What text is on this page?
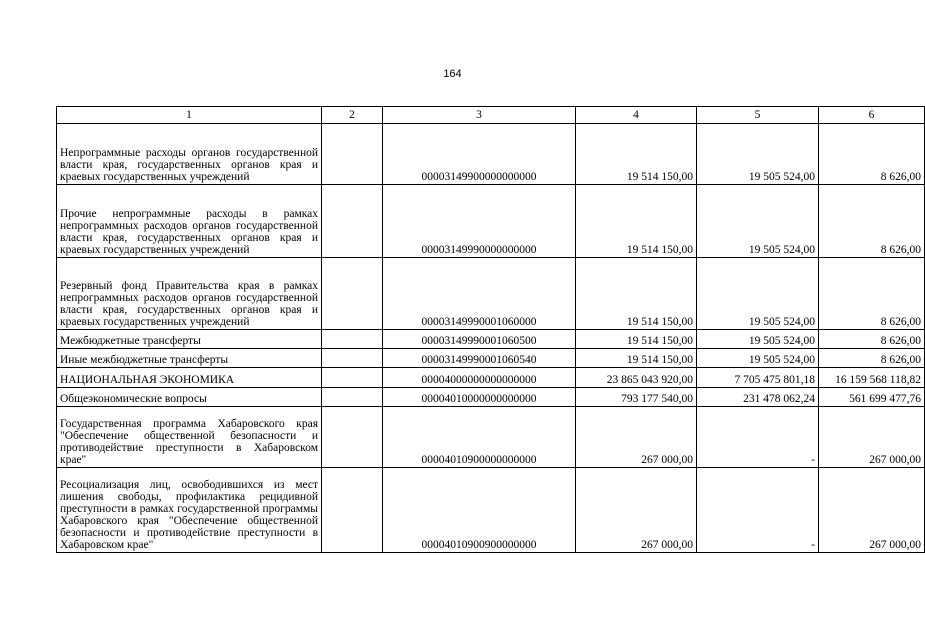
164
1	2	3	4	5	6
Непрограммные расходы органов государственной власти края, государственных органов края и краевых государственных учреждений		00003149900000000000	19 514 150,00	19 505 524,00	8 626,00
Прочие непрограммные расходы в рамках непрограммных расходов органов государственной власти края, государственных органов края и краевых государственных учреждений		00003149990000000000	19 514 150,00	19 505 524,00	8 626,00
Резервный фонд Правительства края в рамках непрограммных расходов органов государственной власти края, государственных органов края и краевых государственных учреждений		00003149990001060000	19 514 150,00	19 505 524,00	8 626,00
Межбюджетные трансферты		00003149990001060500	19 514 150,00	19 505 524,00	8 626,00
Иные межбюджетные трансферты		00003149990001060540	19 514 150,00	19 505 524,00	8 626,00
НАЦИОНАЛЬНАЯ ЭКОНОМИКА		00004000000000000000	23 865 043 920,00	7 705 475 801,18	16 159 568 118,82
Общеэкономические вопросы		00004010000000000000	793 177 540,00	231 478 062,24	561 699 477,76
Государственная программа Хабаровского края "Обеспечение общественной безопасности и противодействие преступности в Хабаровском крае"		00004010900000000000	267 000,00	-	267 000,00
Ресоциализация лиц, освободившихся из мест лишения свободы, профилактика рецидивной преступности в рамках государственной программы Хабаровского края "Обеспечение общественной безопасности и противодействие преступности в Хабаровском крае"		00004010900900000000	267 000,00	-	267 000,00
